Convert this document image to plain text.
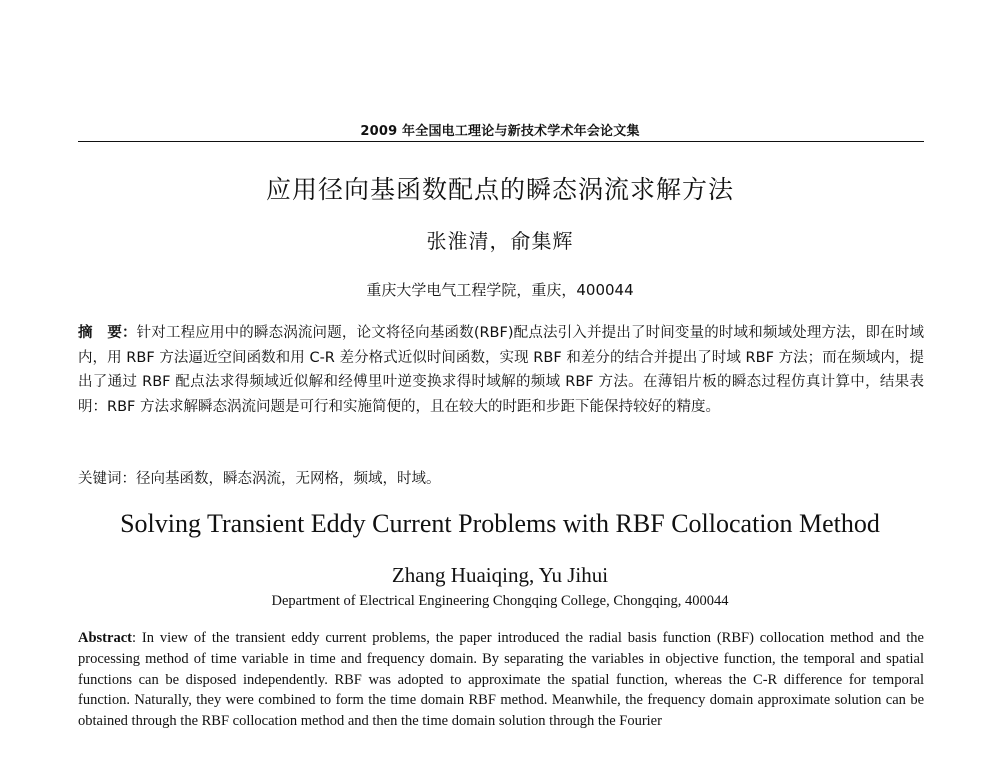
2009 年全国电工理论与新技术学术年会论文集
应用径向基函数配点的瞬态涡流求解方法
张淮清，俞集辉
重庆大学电气工程学院，重庆，400044
摘　要：针对工程应用中的瞬态涡流问题，论文将径向基函数(RBF)配点法引入并提出了时间变量的时域和频域处理方法，即在时域内，用 RBF 方法逼近空间函数和用 C-R 差分格式近似时间函数，实现 RBF 和差分的结合并提出了时域 RBF 方法；而在频域内，提出了通过 RBF 配点法求得频域近似解和经傅里叶逆变换求得时域解的频域 RBF 方法。在薄铝片板的瞬态过程仿真计算中，结果表明：RBF 方法求解瞬态涡流问题是可行和实施简便的，且在较大的时距和步距下能保持较好的精度。
关键词：径向基函数，瞬态涡流，无网格，频域，时域。
Solving Transient Eddy Current Problems with RBF Collocation Method
Zhang Huaiqing, Yu Jihui
Department of Electrical Engineering Chongqing College, Chongqing, 400044
Abstract: In view of the transient eddy current problems, the paper introduced the radial basis function (RBF) collocation method and the processing method of time variable in time and frequency domain. By separating the variables in objective function, the temporal and spatial functions can be disposed independently. RBF was adopted to approximate the spatial function, whereas the C-R difference for temporal function. Naturally, they were combined to form the time domain RBF method. Meanwhile, the frequency domain approximate solution can be obtained through the RBF collocation method and then the time domain solution through the Fourier
